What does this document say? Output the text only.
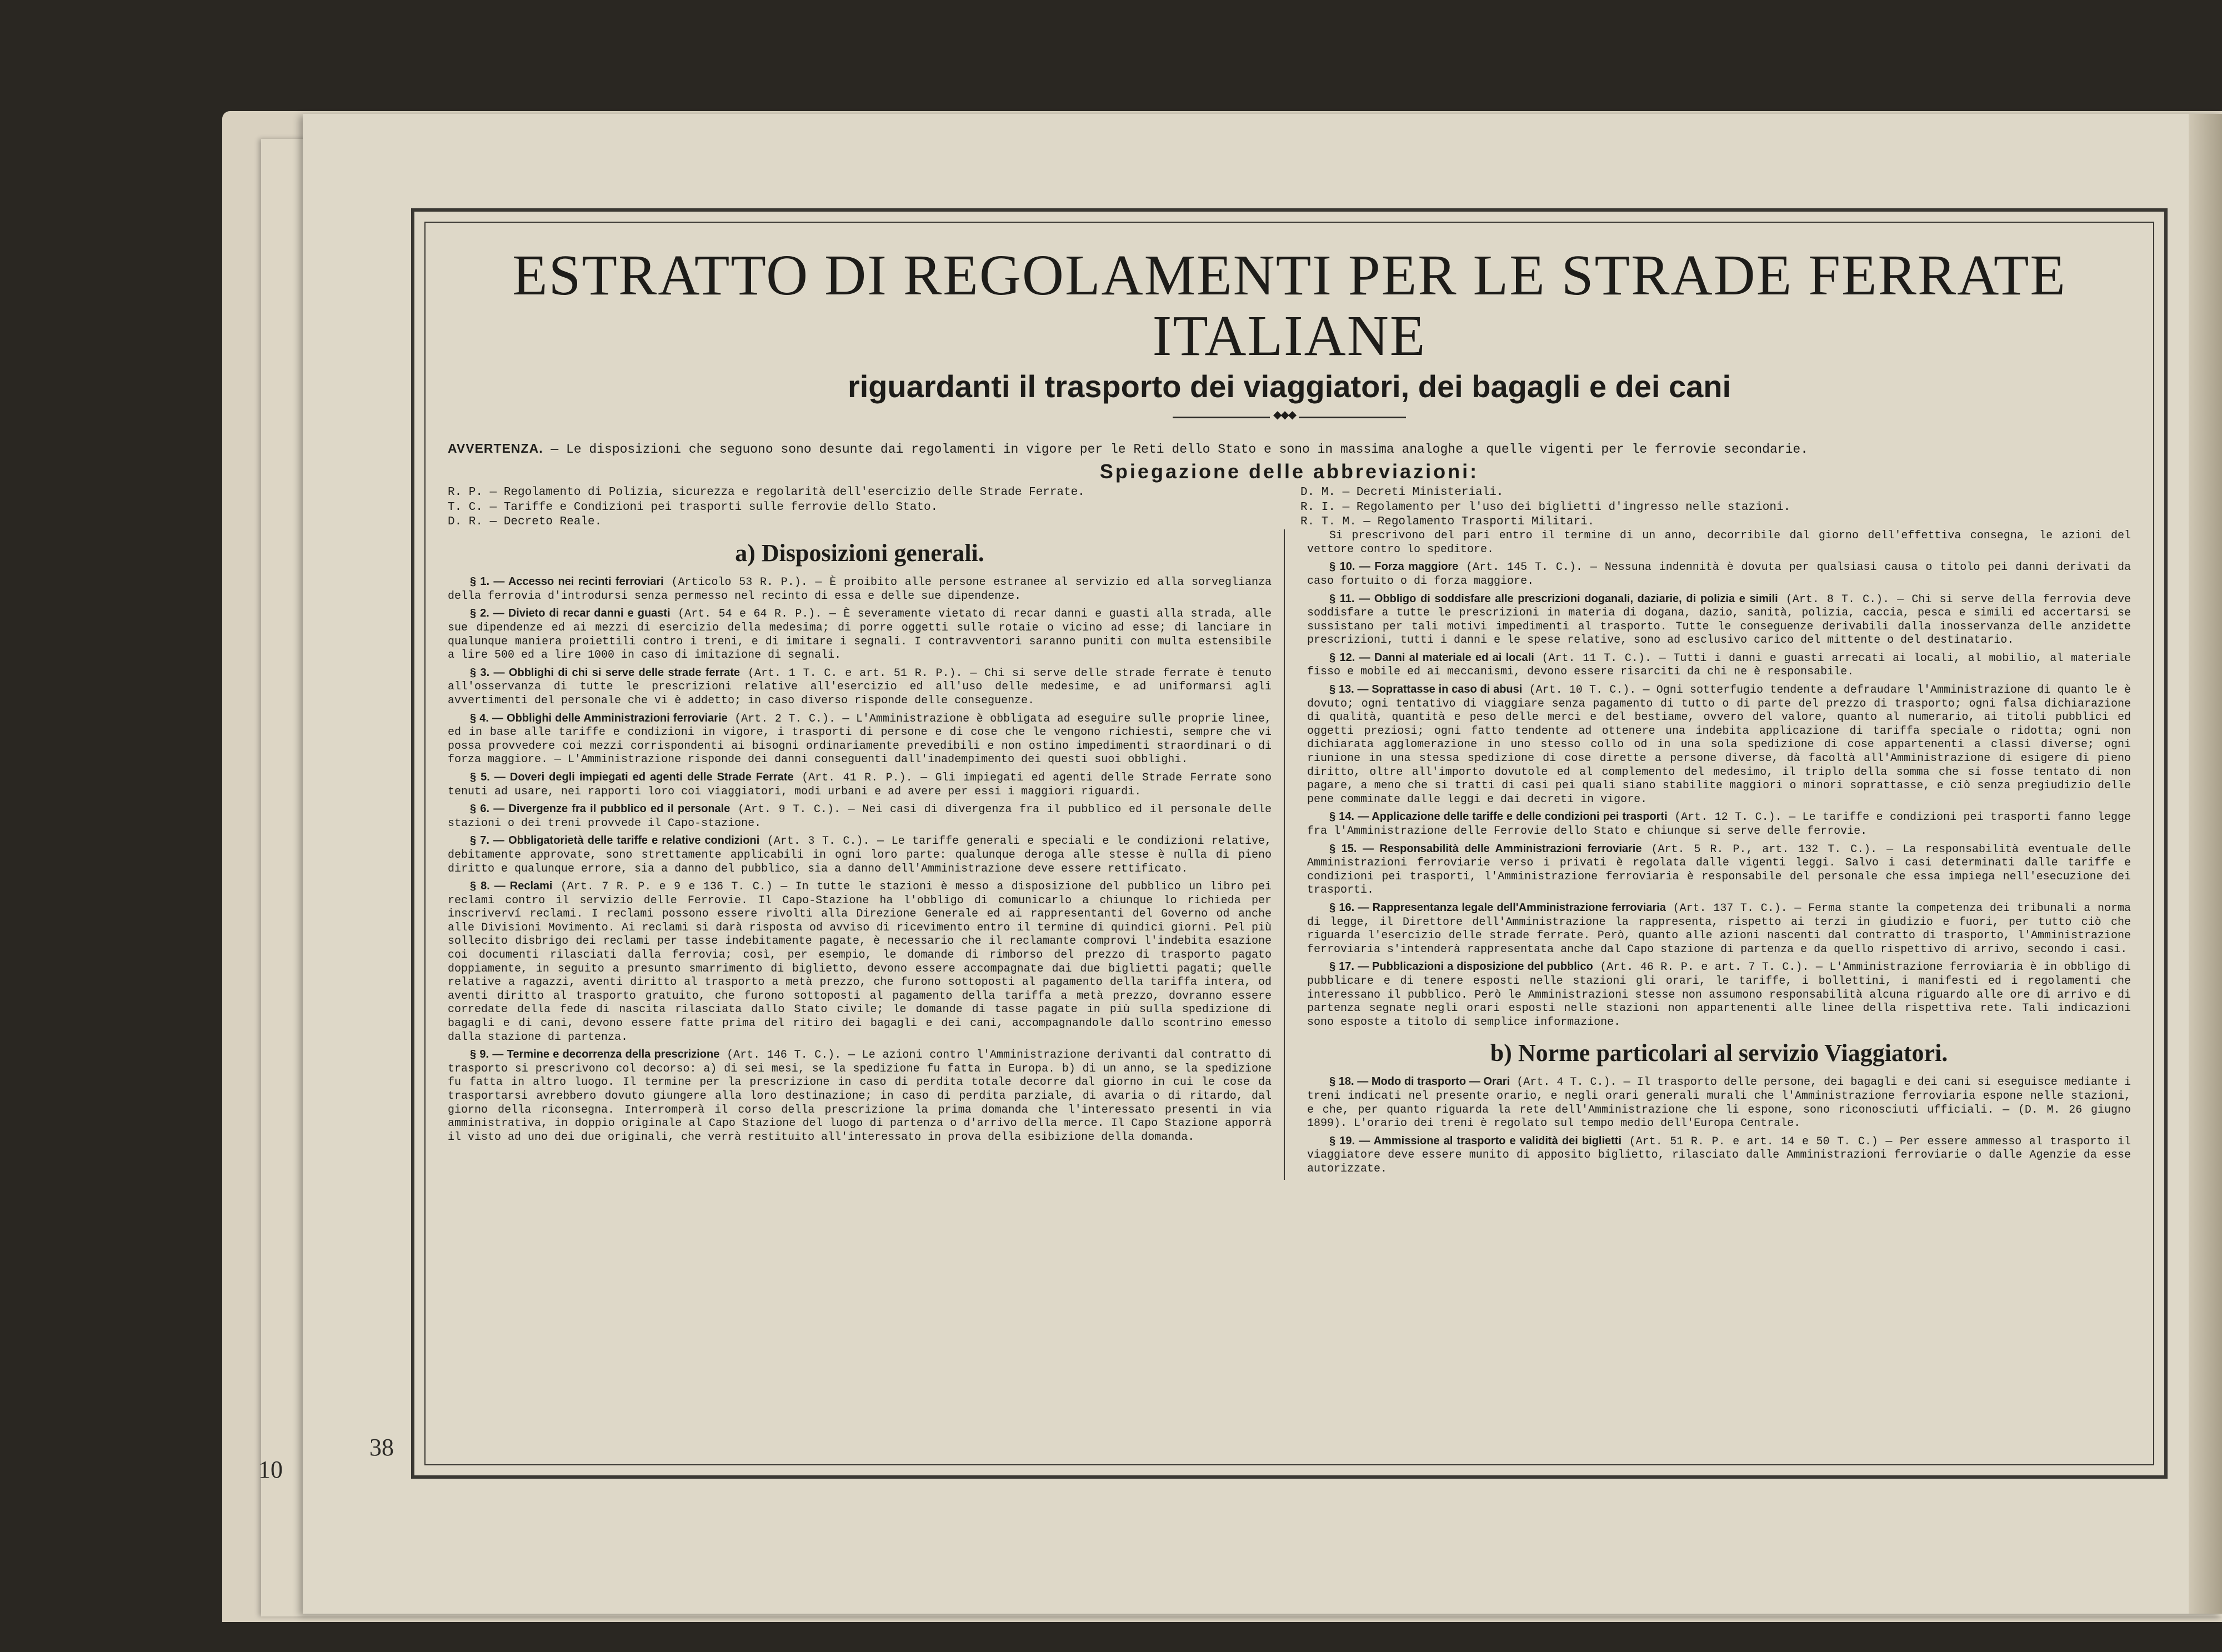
10
38
ESTRATTO DI REGOLAMENTI PER LE STRADE FERRATE ITALIANE
riguardanti il trasporto dei viaggiatori, dei bagagli e dei cani
◆◆◆
AVVERTENZA. — Le disposizioni che seguono sono desunte dai regolamenti in vigore per le Reti dello Stato e sono in massima analoghe a quelle vigenti per le ferrovie secondarie.
Spiegazione delle abbreviazioni:
R. P. — Regolamento di Polizia, sicurezza e regolarità dell'esercizio delle Strade Ferrate.
T. C. — Tariffe e Condizioni pei trasporti sulle ferrovie dello Stato.
D. R. — Decreto Reale.
D. M. — Decreti Ministeriali.
R. I. — Regolamento per l'uso dei biglietti d'ingresso nelle stazioni.
R. T. M. — Regolamento Trasporti Militari.
a) Disposizioni generali.

§ 1. — Accesso nei recinti ferroviari (Articolo 53 R. P.). — È proibito alle persone estranee al servizio ed alla sorveglianza della ferrovia d'introdursi senza permesso nel recinto di essa e delle sue dipendenze.

§ 2. — Divieto di recar danni e guasti (Art. 54 e 64 R. P.). — È severamente vietato di recar danni e guasti alla strada, alle sue dipendenze ed ai mezzi di esercizio della medesima; di porre oggetti sulle rotaie o vicino ad esse; di lanciare in qualunque maniera proiettili contro i treni, e di imitare i segnali. I contravventori saranno puniti con multa estensibile a lire 500 ed a lire 1000 in caso di imitazione di segnali.

§ 3. — Obblighi di chi si serve delle strade ferrate (Art. 1 T. C. e art. 51 R. P.). — Chi si serve delle strade ferrate è tenuto all'osservanza di tutte le prescrizioni relative all'esercizio ed all'uso delle medesime, e ad uniformarsi agli avvertimenti del personale che vi è addetto; in caso diverso risponde delle conseguenze.

§ 4. — Obblighi delle Amministrazioni ferroviarie (Art. 2 T. C.). — L'Amministrazione è obbligata ad eseguire sulle proprie linee, ed in base alle tariffe e condizioni in vigore, i trasporti di persone e di cose che le vengono richiesti, sempre che vi possa provvedere coi mezzi corrispondenti ai bisogni ordinariamente prevedibili e non ostino impedimenti straordinari o di forza maggiore. — L'Amministrazione risponde dei danni conseguenti dall'inadempimento dei questi suoi obblighi.

§ 5. — Doveri degli impiegati ed agenti delle Strade Ferrate (Art. 41 R. P.). — Gli impiegati ed agenti delle Strade Ferrate sono tenuti ad usare, nei rapporti loro coi viaggiatori, modi urbani e ad avere per essi i maggiori riguardi.

§ 6. — Divergenze fra il pubblico ed il personale (Art. 9 T. C.). — Nei casi di divergenza fra il pubblico ed il personale delle stazioni o dei treni provvede il Capo-stazione.

§ 7. — Obbligatorietà delle tariffe e relative condizioni (Art. 3 T. C.). — Le tariffe generali e speciali e le condizioni relative, debitamente approvate, sono strettamente applicabili in ogni loro parte: qualunque deroga alle stesse è nulla di pieno diritto e qualunque errore, sia a danno del pubblico, sia a danno dell'Amministrazione deve essere rettificato.

§ 8. — Reclami (Art. 7 R. P. e 9 e 136 T. C.) — In tutte le stazioni è messo a disposizione del pubblico un libro pei reclami contro il servizio delle Ferrovie. Il Capo-Stazione ha l'obbligo di comunicarlo a chiunque lo richieda per inscriverví reclami. I reclami possono essere rivolti alla Direzione Generale ed ai rappresentanti del Governo od anche alle Divisioni Movimento. Ai reclami si darà risposta od avviso di ricevimento entro il termine di quindici giorni. Pel più sollecito disbrigo dei reclami per tasse indebitamente pagate, è necessario che il reclamante comprovi l'indebita esazione coi documenti rilasciati dalla ferrovia; così, per esempio, le domande di rimborso del prezzo di trasporto pagato doppiamente, in seguito a presunto smarrimento di biglietto, devono essere accompagnate dai due biglietti pagati; quelle relative a ragazzi, aventi diritto al trasporto a metà prezzo, che furono sottoposti al pagamento della tariffa intera, od aventi diritto al trasporto gratuito, che furono sottoposti al pagamento della tariffa a metà prezzo, dovranno essere corredate della fede di nascita rilasciata dallo Stato civile; le domande di tasse pagate in più sulla spedizione di bagagli e di cani, devono essere fatte prima del ritiro dei bagagli e dei cani, accompagnandole dallo scontrino emesso dalla stazione di partenza.

§ 9. — Termine e decorrenza della prescrizione (Art. 146 T. C.). — Le azioni contro l'Amministrazione derivanti dal contratto di trasporto si prescrivono col decorso: a) di sei mesi, se la spedizione fu fatta in Europa. b) di un anno, se la spedizione fu fatta in altro luogo. Il termine per la prescrizione in caso di perdita totale decorre dal giorno in cui le cose da trasportarsi avrebbero dovuto giungere alla loro destinazione; in caso di perdita parziale, di avaria o di ritardo, dal giorno della riconsegna. Interromperà il corso della prescrizione la prima domanda che l'interessato presenti in via amministrativa, in doppio originale al Capo Stazione del luogo di partenza o d'arrivo della merce. Il Capo Stazione apporrà il visto ad uno dei due originali, che verrà restituito all'interessato in prova della esibizione della domanda.

Si prescrivono del pari entro il termine di un anno, decorribile dal giorno dell'effettiva consegna, le azioni del vettore contro lo speditore.

§ 10. — Forza maggiore (Art. 145 T. C.). — Nessuna indennità è dovuta per qualsiasi causa o titolo pei danni derivati da caso fortuito o di forza maggiore.

§ 11. — Obbligo di soddisfare alle prescrizioni doganali, daziarie, di polizia e simili (Art. 8 T. C.). — Chi si serve della ferrovia deve soddisfare a tutte le prescrizioni in materia di dogana, dazio, sanità, polizia, caccia, pesca e simili ed accertarsi se sussistano per tali motivi impedimenti al trasporto. Tutte le conseguenze derivabili dalla inosservanza delle anzidette prescrizioni, tutti i danni e le spese relative, sono ad esclusivo carico del mittente o del destinatario.

§ 12. — Danni al materiale ed ai locali (Art. 11 T. C.). — Tutti i danni e guasti arrecati ai locali, al mobilio, al materiale fisso e mobile ed ai meccanismi, devono essere risarciti da chi ne è responsabile.

§ 13. — Soprattasse in caso di abusi (Art. 10 T. C.). — Ogni sotterfugio tendente a defraudare l'Amministrazione di quanto le è dovuto; ogni tentativo di viaggiare senza pagamento di tutto o di parte del prezzo di trasporto; ogni falsa dichiarazione di qualità, quantità e peso delle merci e del bestiame, ovvero del valore, quanto al numerario, ai titoli pubblici ed oggetti preziosi; ogni fatto tendente ad ottenere una indebita applicazione di tariffa speciale o ridotta; ogni non dichiarata agglomerazione in uno stesso collo od in una sola spedizione di cose appartenenti a classi diverse; ogni riunione in una stessa spedizione di cose dirette a persone diverse, dà facoltà all'Amministrazione di esigere di pieno diritto, oltre all'importo dovutole ed al complemento del medesimo, il triplo della somma che si fosse tentato di non pagare, a meno che si tratti di casi pei quali siano stabilite maggiori o minori soprattasse, e ciò senza pregiudizio delle pene comminate dalle leggi e dai decreti in vigore.

§ 14. — Applicazione delle tariffe e delle condizioni pei trasporti (Art. 12 T. C.). — Le tariffe e condizioni pei trasporti fanno legge fra l'Amministrazione delle Ferrovie dello Stato e chiunque si serve delle ferrovie.

§ 15. — Responsabilità delle Amministrazioni ferroviarie (Art. 5 R. P., art. 132 T. C.). — La responsabilità eventuale delle Amministrazioni ferroviarie verso i privati è regolata dalle vigenti leggi. Salvo i casi determinati dalle tariffe e condizioni pei trasporti, l'Amministrazione ferroviaria è responsabile del personale che essa impiega nell'esecuzione dei trasporti.

§ 16. — Rappresentanza legale dell'Amministrazione ferroviaria (Art. 137 T. C.). — Ferma stante la competenza dei tribunali a norma di legge, il Direttore dell'Amministrazione la rappresenta, rispetto ai terzi in giudizio e fuori, per tutto ciò che riguarda l'esercizio delle strade ferrate. Però, quanto alle azioni nascenti dal contratto di trasporto, l'Amministrazione ferroviaria s'intenderà rappresentata anche dal Capo stazione di partenza e da quello rispettivo di arrivo, secondo i casi.

§ 17. — Pubblicazioni a disposizione del pubblico (Art. 46 R. P. e art. 7 T. C.). — L'Amministrazione ferroviaria è in obbligo di pubblicare e di tenere esposti nelle stazioni gli orari, le tariffe, i bollettini, i manifesti ed i regolamenti che interessano il pubblico. Però le Amministrazioni stesse non assumono responsabilità alcuna riguardo alle ore di arrivo e di partenza segnate negli orari esposti nelle stazioni non appartenenti alle linee della rispettiva rete. Tali indicazioni sono esposte a titolo di semplice informazione.

b) Norme particolari al servizio Viaggiatori.

§ 18. — Modo di trasporto — Orari (Art. 4 T. C.). — Il trasporto delle persone, dei bagagli e dei cani si eseguisce mediante i treni indicati nel presente orario, e negli orari generali murali che l'Amministrazione ferroviaria espone nelle stazioni, e che, per quanto riguarda la rete dell'Amministrazione che li espone, sono riconosciuti ufficiali. — (D. M. 26 giugno 1899). L'orario dei treni è regolato sul tempo medio dell'Europa Centrale.

§ 19. — Ammissione al trasporto e validità dei biglietti (Art. 51 R. P. e art. 14 e 50 T. C.) — Per essere ammesso al trasporto il viaggiatore deve essere munito di apposito biglietto, rilasciato dalle Amministrazioni ferroviarie o dalle Agenzie da esse autorizzate.
